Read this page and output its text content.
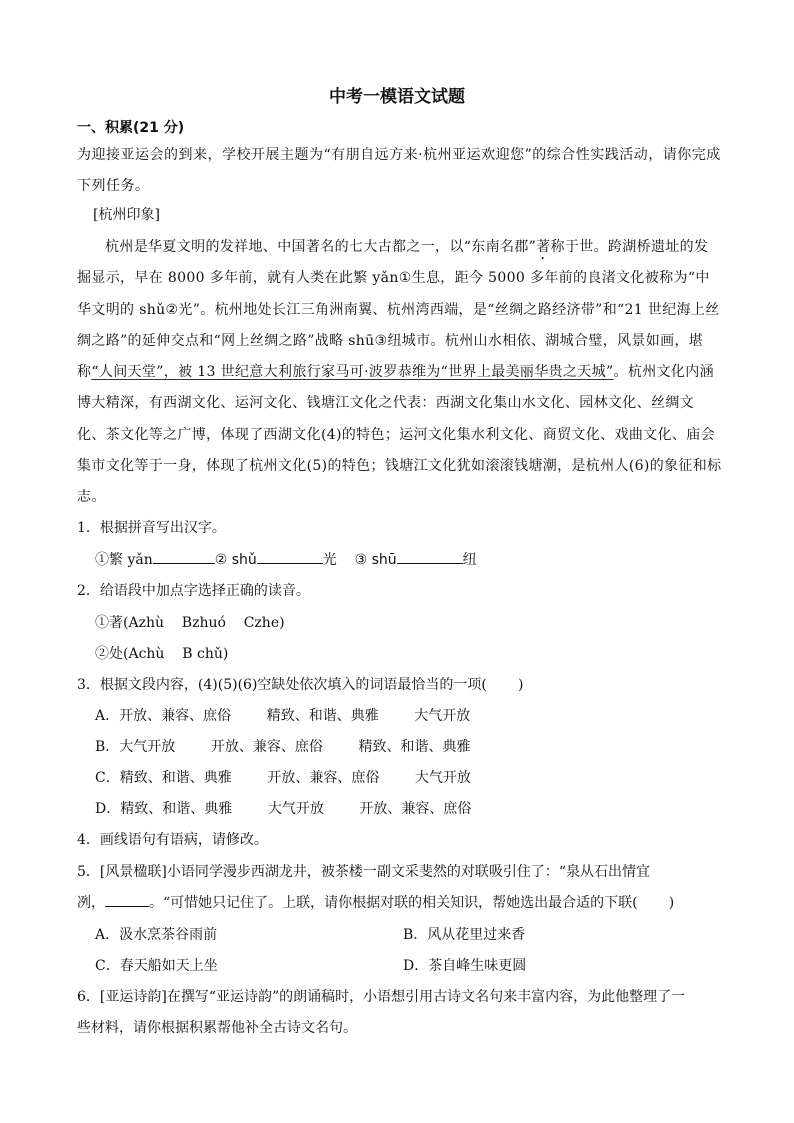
中考一模语文试题
一、积累(21 分)

为迎接亚运会的到来，学校开展主题为“有朋自远方来·杭州亚运欢迎您”的综合性实践活动，请你完成下列任务。

[杭州印象]

杭州是华夏文明的发祥地、中国著名的七大古都之一，以“东南名郡”著称于世。跨湖桥遗址的发掘显示，早在 8000 多年前，就有人类在此繁 yǎn①生息，距今 5000 多年前的良渚文化被称为“中华文明的 shǔ②光”。杭州地处长江三角洲南翼、杭州湾西端，是“丝绸之路经济带”和“21 世纪海上丝绸之路”的延伸交点和“网上丝绸之路”战略 shū③纽城市。杭州山水相依、湖城合璧，风景如画，堪称“人间天堂”，被 13 世纪意大利旅行家马可·波罗恭维为“世界上最美丽华贵之天城”。杭州文化内涵博大精深，有西湖文化、运河文化、钱塘江文化之代表：西湖文化集山水文化、园林文化、丝绸文化、茶文化等之广博，体现了西湖文化(4)的特色；运河文化集水利文化、商贸文化、戏曲文化、庙会集市文化等于一身，体现了杭州文化(5)的特色；钱塘江文化犹如滚滚钱塘潮，是杭州人(6)的象征和标志。

1．根据拼音写出汉字。

①繁 yǎn	② shǔ	光 ③ shū	纽

2．给语段中加点字选择正确的读音。

①著(Azhù    Bzhuó    Czhe)

②处(Achù    B chǔ)

3．根据文段内容，(4)(5)(6)空缺处依次填入的词语最恰当的一项(       )

A．开放、兼容、庶俗        精致、和谐、典雅        大气开放

B．大气开放        开放、兼容、庶俗        精致、和谐、典雅

C．精致、和谐、典雅        开放、兼容、庶俗        大气开放

D．精致、和谐、典雅        大气开放        开放、兼容、庶俗

4．画线语句有语病，请修改。

5．[风景楹联]小语同学漫步西湖龙井，被茶楼一副文采斐然的对联吸引住了：“泉从石出情宜

冽，	。“可惜她只记住了。上联，请你根据对联的相关知识，帮她选出最合适的下联(       )

A．汲水烹茶谷雨前	B．风从花里过来香

C．春天船如天上坐	D．茶自峰生味更圆

6．[亚运诗韵]在撰写“亚运诗韵”的朗诵稿时，小语想引用古诗文名句来丰富内容，为此他整理了一

些材料，请你根据积累帮他补全古诗文名句。
